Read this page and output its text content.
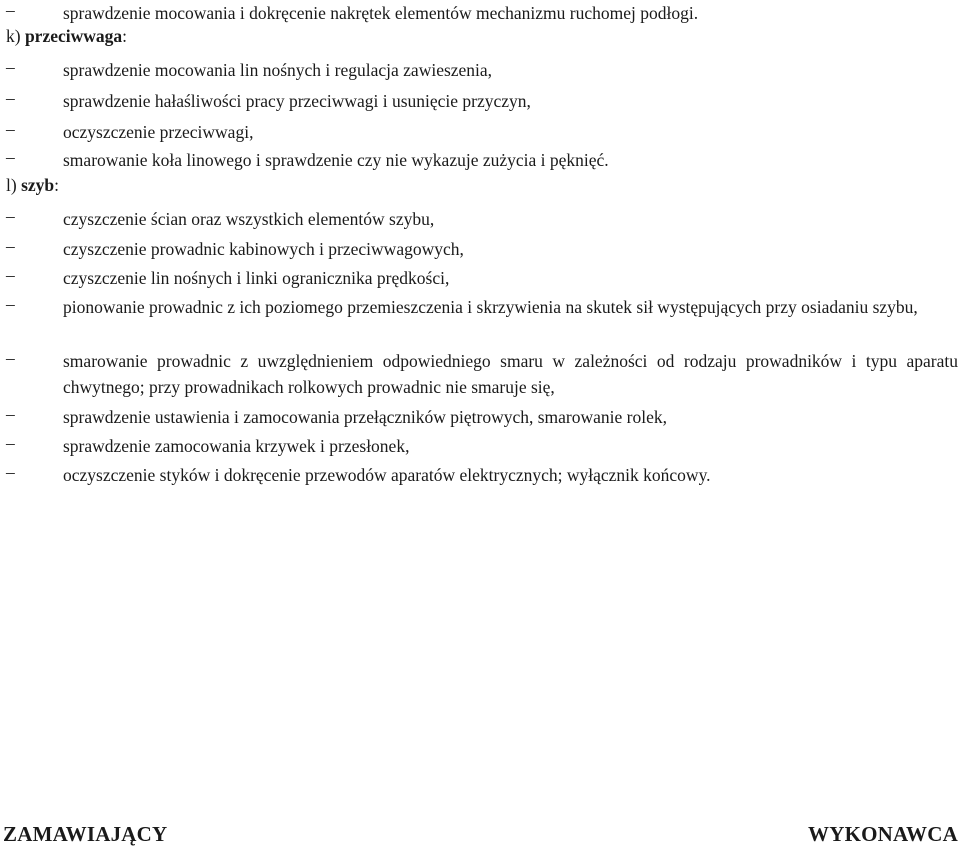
–	sprawdzenie mocowania i dokręcenie nakrętek elementów mechanizmu ruchomej podłogi.
k) przeciwwaga:
–	sprawdzenie mocowania lin nośnych i regulacja zawieszenia,
–	sprawdzenie hałaśliwości pracy przeciwwagi i usunięcie przyczyn,
–	oczyszczenie przeciwwagi,
–	smarowanie koła linowego i sprawdzenie czy nie wykazuje zużycia i pęknięć.
l) szyb:
–	czyszczenie ścian oraz wszystkich elementów szybu,
–	czyszczenie prowadnic kabinowych i przeciwwagowych,
–	czyszczenie lin nośnych i linki ogranicznika prędkości,
–	pionowanie prowadnic z ich poziomego przemieszczenia i skrzywienia na skutek sił występujących przy osiadaniu szybu,
–	smarowanie prowadnic z uwzględnieniem odpowiedniego smaru w zależności od rodzaju prowadników i typu aparatu chwytnego; przy prowadnikach rolkowych prowadnic nie smaruje się,
–	sprawdzenie ustawienia i zamocowania przełączników piętrowych, smarowanie rolek,
–	sprawdzenie zamocowania krzywek i przesłonek,
–	oczyszczenie styków i dokręcenie przewodów aparatów elektrycznych; wyłącznik końcowy.
ZAMAWIAJĄCY	WYKONAWCA
